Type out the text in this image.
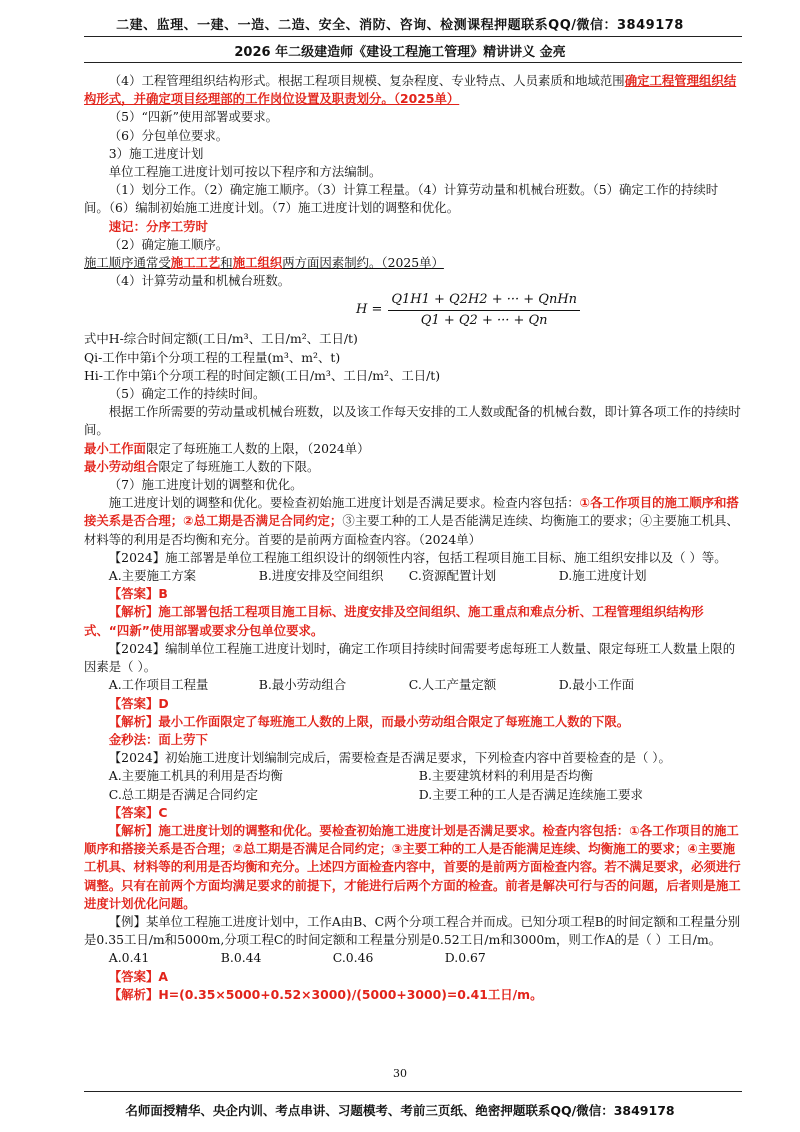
二建、监理、一建、一造、二造、安全、消防、咨询、检测课程押题联系QQ/微信：3849178
2026 年二级建造师《建设工程施工管理》精讲讲义 金亮

（4）工程管理组织结构形式。根据工程项目规模、复杂程度、专业特点、人员素质和地域范围确定工程管理组织结构形式，并确定项目经理部的工作岗位设置及职责划分。（2025单）

（5）“四新”使用部署或要求。

（6）分包单位要求。

3）施工进度计划

单位工程施工进度计划可按以下程序和方法编制。

（1）划分工作。（2）确定施工顺序。（3）计算工程量。（4）计算劳动量和机械台班数。（5）确定工作的持续时间。（6）编制初始施工进度计划。（7）施工进度计划的调整和优化。

速记：分序工劳时

（2）确定施工顺序。

施工顺序通常受施工工艺和施工组织两方面因素制约。（2025单）

（4）计算劳动量和机械台班数。

$H = \frac{\text{Q1H1 + Q2H2 + ··· + QnHn}}{Q1 + Q2 + \cdot\cdot\cdot + Qn}$

式中H-综合时间定额(工日/m³、工日/m²、工日/t)

Qi-工作中第i个分项工程的工程量(m³、m²、t)

Hi-工作中第i个分项工程的时间定额(工日/m³、工日/m²、工日/t)

（5）确定工作的持续时间。

根据工作所需要的劳动量或机械台班数，以及该工作每天安排的工人数或配备的机械台数，即计算各项工作的持续时间。

最小工作面限定了每班施工人数的上限，（2024单）

最小劳动组合限定了每班施工人数的下限。

（7）施工进度计划的调整和优化。

施工进度计划的调整和优化。要检查初始施工进度计划是否满足要求。检查内容包括：①各工作项目的施工顺序和搭接关系是否合理；②总工期是否满足合同约定；③主要工种的工人是否能满足连续、均衡施工的要求；④主要施工机具、材料等的利用是否均衡和充分。首要的是前两方面检查内容。（2024单）

【2024】施工部署是单位工程施工组织设计的纲领性内容，包括工程项目施工目标、施工组织安排以及（ ）等。

A.主要施工方案	B.进度安排及空间组织	C.资源配置计划	D.施工进度计划

【答案】B

【解析】施工部署包括工程项目施工目标、进度安排及空间组织、施工重点和难点分析、工程管理组织结构形式、“四新”使用部署或要求分包单位要求。

【2024】编制单位工程施工进度计划时，确定工作项目持续时间需要考虑每班工人数量、限定每班工人数量上限的因素是（ ）。

A.工作项目工程量	B.最小劳动组合	C.人工产量定额	D.最小工作面

【答案】D

【解析】最小工作面限定了每班施工人数的上限，而最小劳动组合限定了每班施工人数的下限。

金秒法：面上劳下

【2024】初始施工进度计划编制完成后，需要检查是否满足要求，下列检查内容中首要检查的是（ ）。

A.主要施工机具的利用是否均衡	B.主要建筑材料的利用是否均衡
C.总工期是否满足合同约定	D.主要工种的工人是否满足连续施工要求

【答案】C

【解析】施工进度计划的调整和优化。要检查初始施工进度计划是否满足要求。检查内容包括：①各工作项目的施工顺序和搭接关系是否合理；②总工期是否满足合同约定；③主要工种的工人是否能满足连续、均衡施工的要求；④主要施工机具、材料等的利用是否均衡和充分。上述四方面检查内容中，首要的是前两方面检查内容。若不满足要求，必须进行调整。只有在前两个方面均满足要求的前提下，才能进行后两个方面的检查。前者是解决可行与否的问题，后者则是施工进度计划优化问题。

【例】某单位工程施工进度计划中，工作A由B、C两个分项工程合并而成。已知分项工程B的时间定额和工程量分别是0.35工日/m和5000m,分项工程C的时间定额和工程量分别是0.52工日/m和3000m，则工作A的是（ ）工日/m。

A.0.41	B.0.44	C.0.46	D.0.67

【答案】A

【解析】H=(0.35×5000+0.52×3000)/(5000+3000)=0.41工日/m。

30
名师面授精华、央企内训、考点串讲、习题模考、考前三页纸、绝密押题联系QQ/微信：3849178
